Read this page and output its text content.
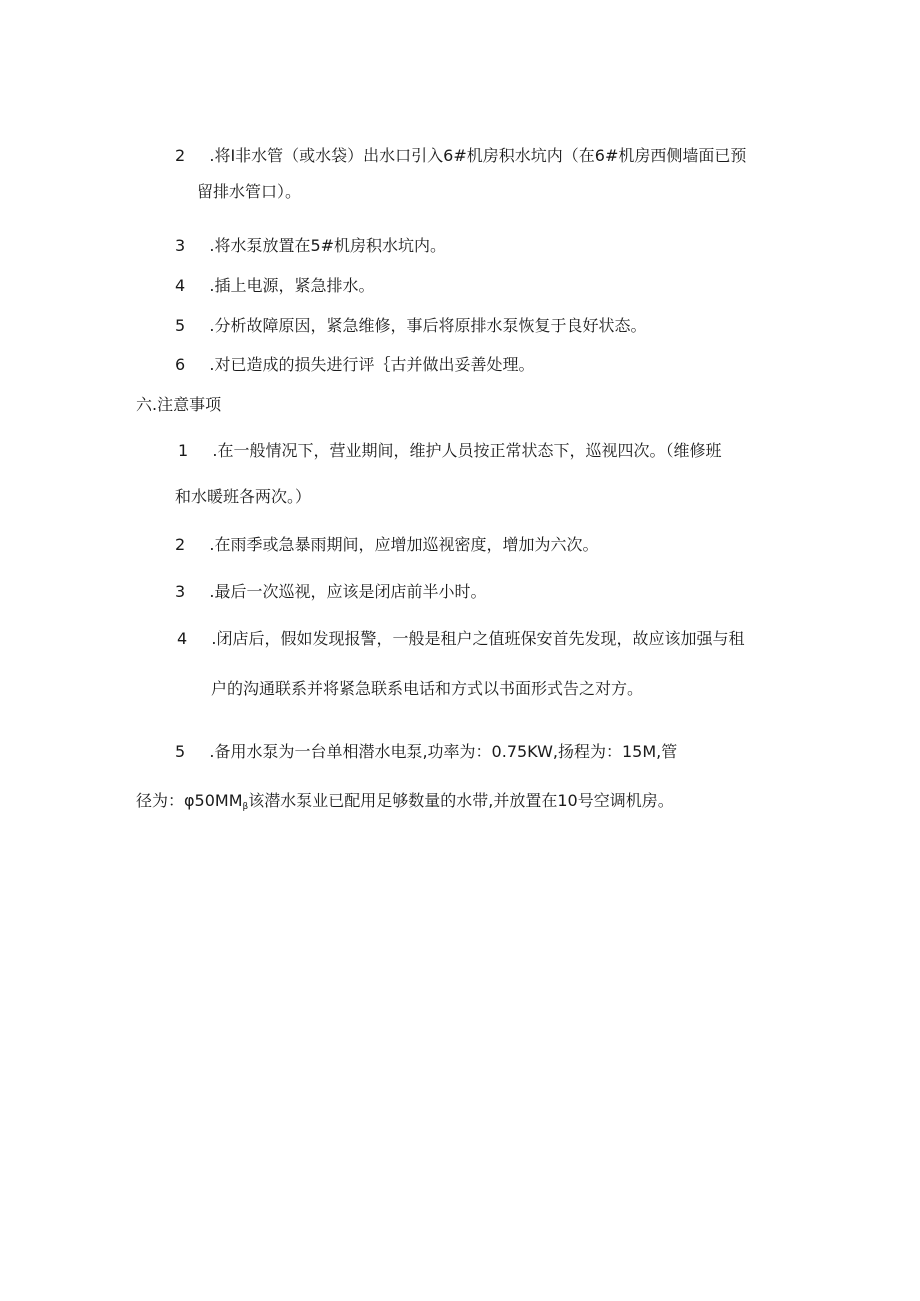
2 .将I非水管（或水袋）出水口引入6#机房积水坑内（在6#机房西侧墙面已预
留排水管口）。
3 .将水泵放置在5#机房积水坑内。
4 .插上电源，紧急排水。
5 .分析故障原因，紧急维修，事后将原排水泵恢复于良好状态。
6 .对已造成的损失进行评｛古并做出妥善处理。
六.注意事项
1 .在一般情况下，营业期间，维护人员按正常状态下，巡视四次。（维修班
和水暖班各两次。）
2 .在雨季或急暴雨期间，应增加巡视密度，增加为六次。
3 .最后一次巡视，应该是闭店前半小时。
4 .闭店后，假如发现报警，一般是租户之值班保安首先发现，故应该加强与租
户的沟通联系并将紧急联系电话和方式以书面形式告之对方。
5 .备用水泵为一台单相潜水电泵,功率为：0.75KW,扬程为：15M,管
径为：$\varphi 50MM_\beta$该潜水泵业已配用足够数量的水带,并放置在10号空调机房。
